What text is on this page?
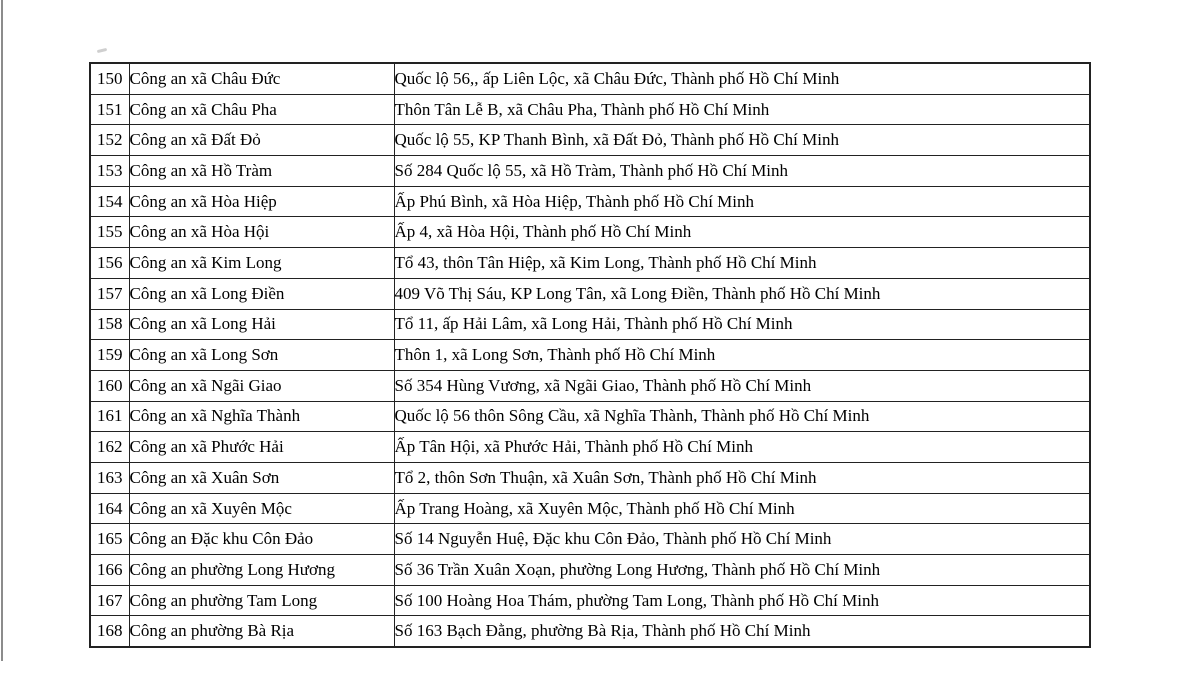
150	Công an xã Châu Đức	Quốc lộ 56,, ấp Liên Lộc, xã Châu Đức, Thành phố Hồ Chí Minh
151	Công an xã Châu Pha	Thôn Tân Lễ B, xã Châu Pha, Thành phố Hồ Chí Minh
152	Công an xã Đất Đỏ	Quốc lộ 55, KP Thanh Bình, xã Đất Đỏ, Thành phố Hồ Chí Minh
153	Công an xã Hồ Tràm	Số 284 Quốc lộ 55, xã Hồ Tràm, Thành phố Hồ Chí Minh
154	Công an xã Hòa Hiệp	Ấp Phú Bình, xã Hòa Hiệp, Thành phố Hồ Chí Minh
155	Công an xã Hòa Hội	Ấp 4, xã Hòa Hội, Thành phố Hồ Chí Minh
156	Công an xã Kim Long	Tổ 43, thôn Tân Hiệp, xã Kim Long, Thành phố Hồ Chí Minh
157	Công an xã Long Điền	409 Võ Thị Sáu, KP Long Tân, xã Long Điền, Thành phố Hồ Chí Minh
158	Công an xã Long Hải	Tổ 11, ấp Hải Lâm, xã Long Hải, Thành phố Hồ Chí Minh
159	Công an xã Long Sơn	Thôn 1, xã Long Sơn, Thành phố Hồ Chí Minh
160	Công an xã Ngãi Giao	Số 354 Hùng Vương, xã Ngãi Giao, Thành phố Hồ Chí Minh
161	Công an xã Nghĩa Thành	Quốc lộ 56 thôn Sông Cầu, xã Nghĩa Thành, Thành phố Hồ Chí Minh
162	Công an xã Phước Hải	Ấp Tân Hội, xã Phước Hải, Thành phố Hồ Chí Minh
163	Công an xã Xuân Sơn	Tổ 2, thôn Sơn Thuận, xã Xuân Sơn, Thành phố Hồ Chí Minh
164	Công an xã Xuyên Mộc	Ấp Trang Hoàng, xã Xuyên Mộc, Thành phố Hồ Chí Minh
165	Công an Đặc khu Côn Đảo	Số 14 Nguyễn Huệ, Đặc khu Côn Đảo, Thành phố Hồ Chí Minh
166	Công an phường Long Hương	Số 36 Trần Xuân Xoạn, phường Long Hương, Thành phố Hồ Chí Minh
167	Công an phường Tam Long	Số 100 Hoàng Hoa Thám, phường Tam Long, Thành phố Hồ Chí Minh
168	Công an phường Bà Rịa	Số 163 Bạch Đằng, phường Bà Rịa, Thành phố Hồ Chí Minh
